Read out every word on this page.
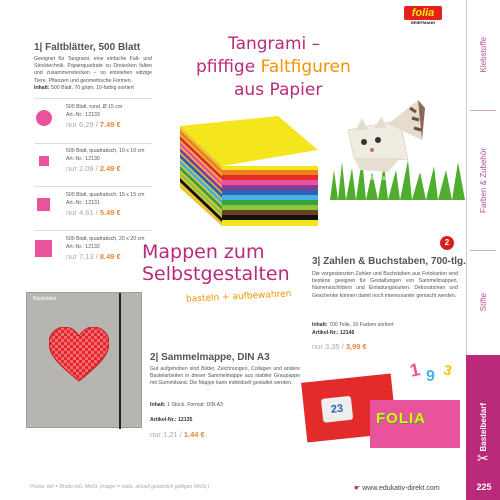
folia
BRIEFMANN
Klebstoffe
Farben & Zubehör
Stifte
Bastelbedarf
✂
225
1| Faltblätter, 500 Blatt
Geeignet für Tangrami, eine einfache Falt- und Stecktechnik. Papierquadrate zu Dreiecken falten und zusammenstecken – so entstehen witzige Tiere, Pflanzen und geometrische Formen.
Inhalt: 500 Blatt, 70 g/qm, 10-farbig sortiert
500 Blatt, rund, Ø 15 cm
Art.-Nr.: 12133
nur 6,29 / 7.49 €
500 Blatt, quadratisch, 10 x 10 cm
Art.-Nr.: 12130
nur 2,09 / 2.49 €
500 Blatt, quadratisch, 15 x 15 cm
Art.-Nr.: 12131
nur 4,61 / 5.49 €
500 Blatt, quadratisch, 20 x 20 cm
Art.-Nr.: 12132
nur 7,13 / 8.49 €
Tangrami –
pfiffige Faltfiguren
aus Papier
Bastelidee
2
3| Zahlen & Buchstaben, 700-tlg.
Die vorgestanzten Zahlen und Buchstaben aus Fotokarton sind bestens geeignet für Gestaltungen von Sammelmappen, Namensschildern und Einladungskarten. Dekorationen und Geschenke können damit noch interessanter gemacht werden.
Inhalt: 700 Teile, 10 Farben sortiert
Artikel-Nr.: 12146
nur 3,35 / 3,99 €
Mappen zum
Selbstgestalten
basteln + aufbewahren
Bastelidee
2| Sammelmappe, DIN A3
Gut aufgehoben sind Bilder, Zeichnungen, Collagen und andere Bastelarbeiten in dieser Sammelmappe aus stabiler Graupappe mit Gummiband. Die Mappe kann individuell gestaltet werden.
Inhalt: 1 Stück, Format: DIN A3
Artikel-Nr.: 12135
nur 1,21 / 1.44 €
1 9 3
23
FOLIA
Preise: fett = Brutto inkl. MwSt. (mager = netto, aktuell gesetzlich gültigen MwSt.)	☛ www.edukativ-direkt.com
